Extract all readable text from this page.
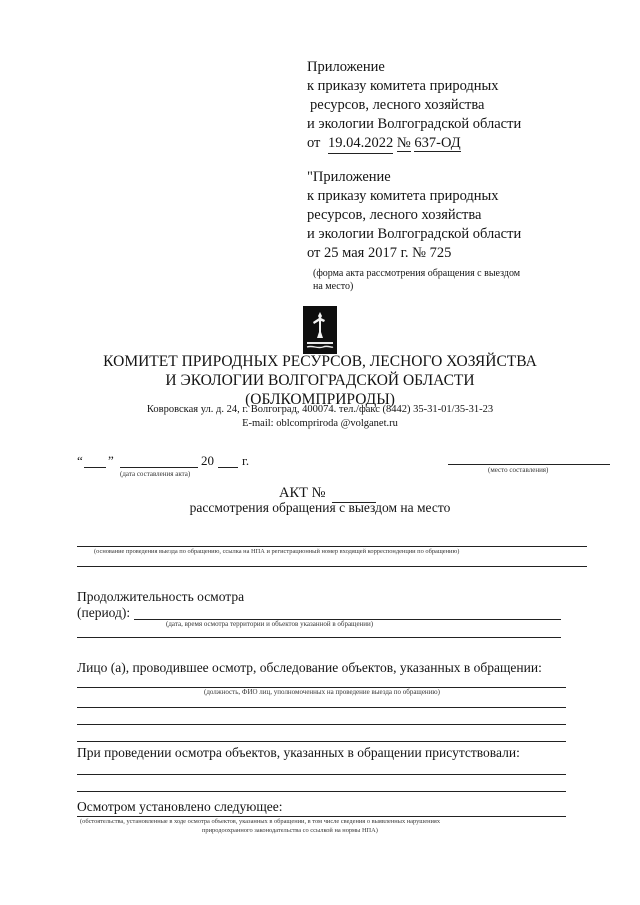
Приложение
к приказу комитета природных
ресурсов, лесного хозяйства
и экологии Волгоградской области
от 19.04.2022 № 637-ОД
"Приложение
к приказу комитета природных
ресурсов, лесного хозяйства
и экологии Волгоградской области
от 25 мая 2017 г. № 725
(форма акта рассмотрения обращения с выездом
на место)
КОМИТЕТ ПРИРОДНЫХ РЕСУРСОВ, ЛЕСНОГО ХОЗЯЙСТВА
И ЭКОЛОГИИ ВОЛГОГРАДСКОЙ ОБЛАСТИ
(ОБЛКОМПРИРОДЫ)
Ковровская ул. д. 24, г. Волгоград, 400074. тел./факс (8442) 35-31-01/35-31-23
E-mail: oblcompriroda @volganet.ru
“ ”	20 г.
(дата составления акта)	(место составления)
АКТ №
рассмотрения обращения с выездом на место
(основание проведения выезда по обращению, ссылка на НПА и регистрационный номер входящей корреспонденции по обращению)
Продолжительность осмотра
(период):
(дата, время осмотра территории и объектов указанной в обращении)
Лицо (а), проводившее осмотр, обследование объектов, указанных в обращении:
(должность, ФИО лиц, уполномоченных на проведение выезда по обращению)
При проведении осмотра объектов, указанных в обращении присутствовали:
Осмотром установлено следующее:
(обстоятельства, установленные в ходе осмотра объектов, указанных в обращении, в том числе сведения о выявленных нарушениях
природоохранного законодательства со ссылкой на нормы НПА)
